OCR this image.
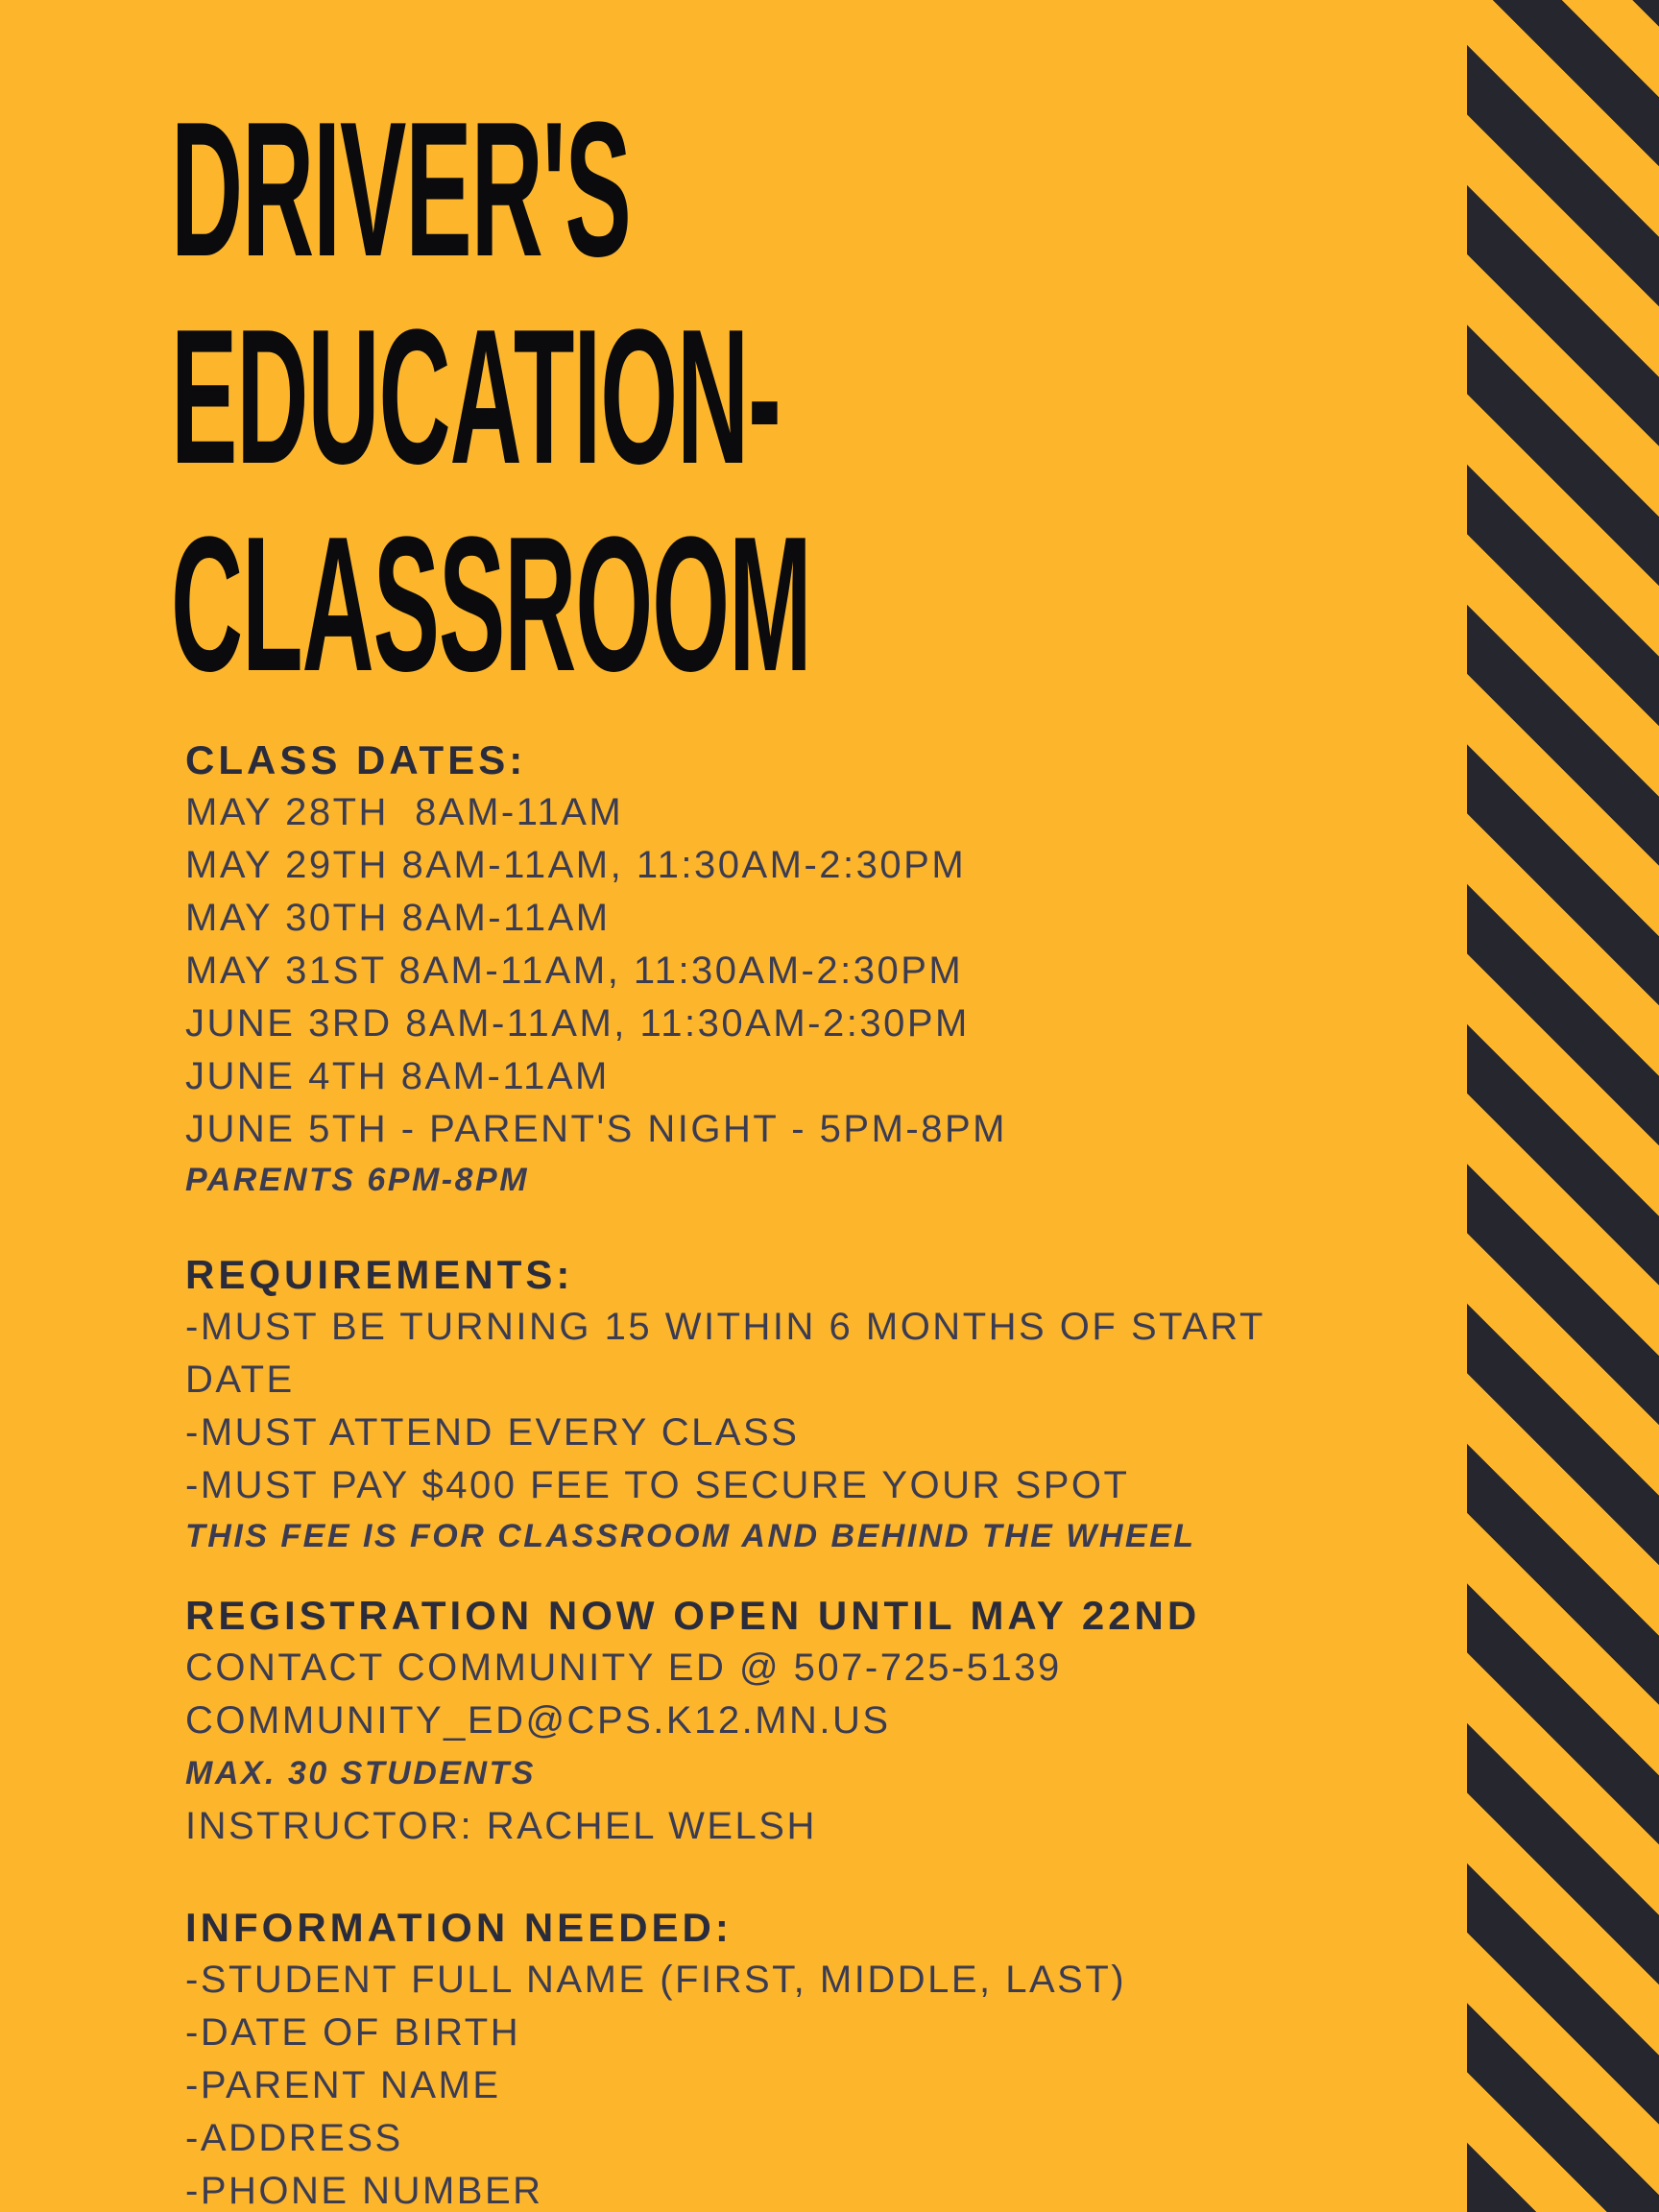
DRIVER'S
EDUCATION-
CLASSROOM
CLASS DATES:

MAY 28TH  8AM-11AM

MAY 29TH 8AM-11AM, 11:30AM-2:30PM

MAY 30TH 8AM-11AM

MAY 31ST 8AM-11AM, 11:30AM-2:30PM

JUNE 3RD 8AM-11AM, 11:30AM-2:30PM

JUNE 4TH 8AM-11AM

JUNE 5TH - PARENT'S NIGHT - 5PM-8PM

PARENTS 6PM-8PM

REQUIREMENTS:

-MUST BE TURNING 15 WITHIN 6 MONTHS OF START DATE

-MUST ATTEND EVERY CLASS

-MUST PAY $400 FEE TO SECURE YOUR SPOT

THIS FEE IS FOR CLASSROOM AND BEHIND THE WHEEL

REGISTRATION NOW OPEN UNTIL MAY 22ND

CONTACT COMMUNITY ED @ 507-725-5139

COMMUNITY_ED@CPS.K12.MN.US

MAX. 30 STUDENTS

INSTRUCTOR: RACHEL WELSH

INFORMATION NEEDED:

-STUDENT FULL NAME (FIRST, MIDDLE, LAST)

-DATE OF BIRTH

-PARENT NAME

-ADDRESS

-PHONE NUMBER
